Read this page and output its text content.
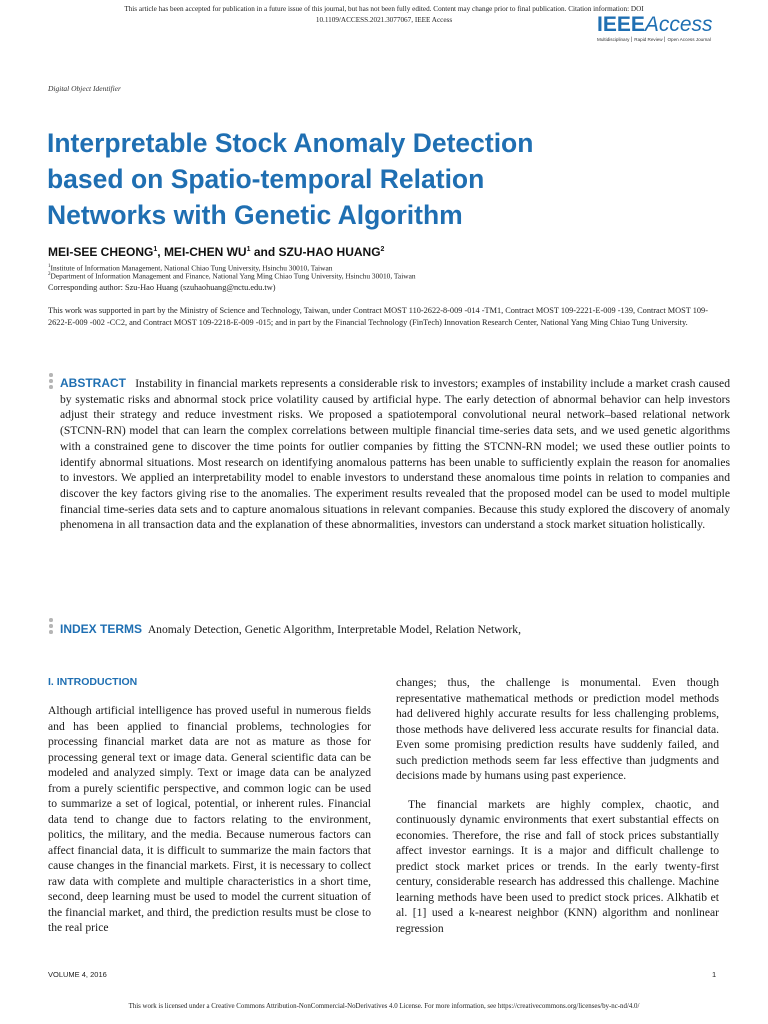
This article has been accepted for publication in a future issue of this journal, but has not been fully edited. Content may change prior to final publication. Citation information: DOI
10.1109/ACCESS.2021.3077067, IEEE Access	IEEEAccess
Multidisciplinary ⎜ Rapid Review ⎜ Open Access Journal
Digital Object Identifier
Interpretable Stock Anomaly Detection
based on Spatio-temporal Relation
Networks with Genetic Algorithm
MEI-SEE CHEONG$^1$, MEI-CHEN $WU^1$ and SZU-HAO HUANG$^2$
$^1$Institute of Information Management, National Chiao Tung University, Hsinchu 30010, Taiwan
$^2$Department of Information Management and Finance, National Yang Ming Chiao Tung University, Hsinchu 30010, Taiwan
Corresponding author: Szu-Hao Huang (szuhaohuang@nctu.edu.tw)
This work was supported in part by the Ministry of Science and Technology, Taiwan, under Contract MOST 110-2622-8-009 -014 -TM1, Contract MOST 109-2221-E-009 -139, Contract MOST 109-2622-E-009 -002 -CC2, and Contract MOST 109-2218-E-009 -015; and in part by the Financial Technology (FinTech) Innovation Research Center, National Yang Ming Chiao Tung University.
ABSTRACT Instability in financial markets represents a considerable risk to investors; examples of instability include a market crash caused by systematic risks and abnormal stock price volatility caused by artificial hype. The early detection of abnormal behavior can help investors adjust their strategy and reduce investment risks. We proposed a spatiotemporal convolutional neural network–based relational network (STCNN-RN) model that can learn the complex correlations between multiple financial time-series data sets, and we used genetic algorithms with a constrained gene to discover the time points for outlier companies by fitting the STCNN-RN model; we used these outlier points to identify abnormal situations. Most research on identifying anomalous patterns has been unable to sufficiently explain the reason for anomalies to investors. We applied an interpretability model to enable investors to understand these anomalous time points in relation to companies and discover the key factors giving rise to the anomalies. The experiment results revealed that the proposed model can be used to model multiple financial time-series data sets and to capture anomalous situations in relevant companies. Because this study explored the discovery of anomaly phenomena in all transaction data and the explanation of these abnormalities, investors can understand a stock market situation holistically.
INDEX TERMS Anomaly Detection, Genetic Algorithm, Interpretable Model, Relation Network,
I. INTRODUCTION

Although artificial intelligence has proved useful in numerous fields and has been applied to financial problems, technologies for processing financial market data are not as mature as those for processing general text or image data. General scientific data can be modeled and analyzed simply. Text or image data can be analyzed from a purely scientific perspective, and common logic can be used to summarize a set of logical, potential, or inherent rules. Financial data tend to change due to factors relating to the environment, politics, the military, and the media. Because numerous factors can affect financial data, it is difficult to summarize the main factors that cause changes in the financial markets. First, it is necessary to collect raw data with complete and multiple characteristics in a short time, second, deep learning must be used to model the current situation of the financial market, and third, the prediction results must be close to the real price

changes; thus, the challenge is monumental. Even though representative mathematical methods or prediction model methods had delivered highly accurate results for less challenging problems, those methods have delivered less accurate results for financial data. Even some promising prediction results have suddenly failed, and such prediction methods seem far less effective than judgments and decisions made by humans using past experience.

The financial markets are highly complex, chaotic, and continuously dynamic environments that exert substantial effects on economies. Therefore, the rise and fall of stock prices substantially affect investor earnings. It is a major and difficult challenge to predict stock market prices or trends. In the early twenty-first century, considerable research has addressed this challenge. Machine learning methods have been used to predict stock prices. Alkhatib et al. [1] used a k-nearest neighbor (KNN) algorithm and nonlinear regression

VOLUME 4, 2016	1
This work is licensed under a Creative Commons Attribution-NonCommercial-NoDerivatives 4.0 License. For more information, see https://creativecommons.org/licenses/by-nc-nd/4.0/
